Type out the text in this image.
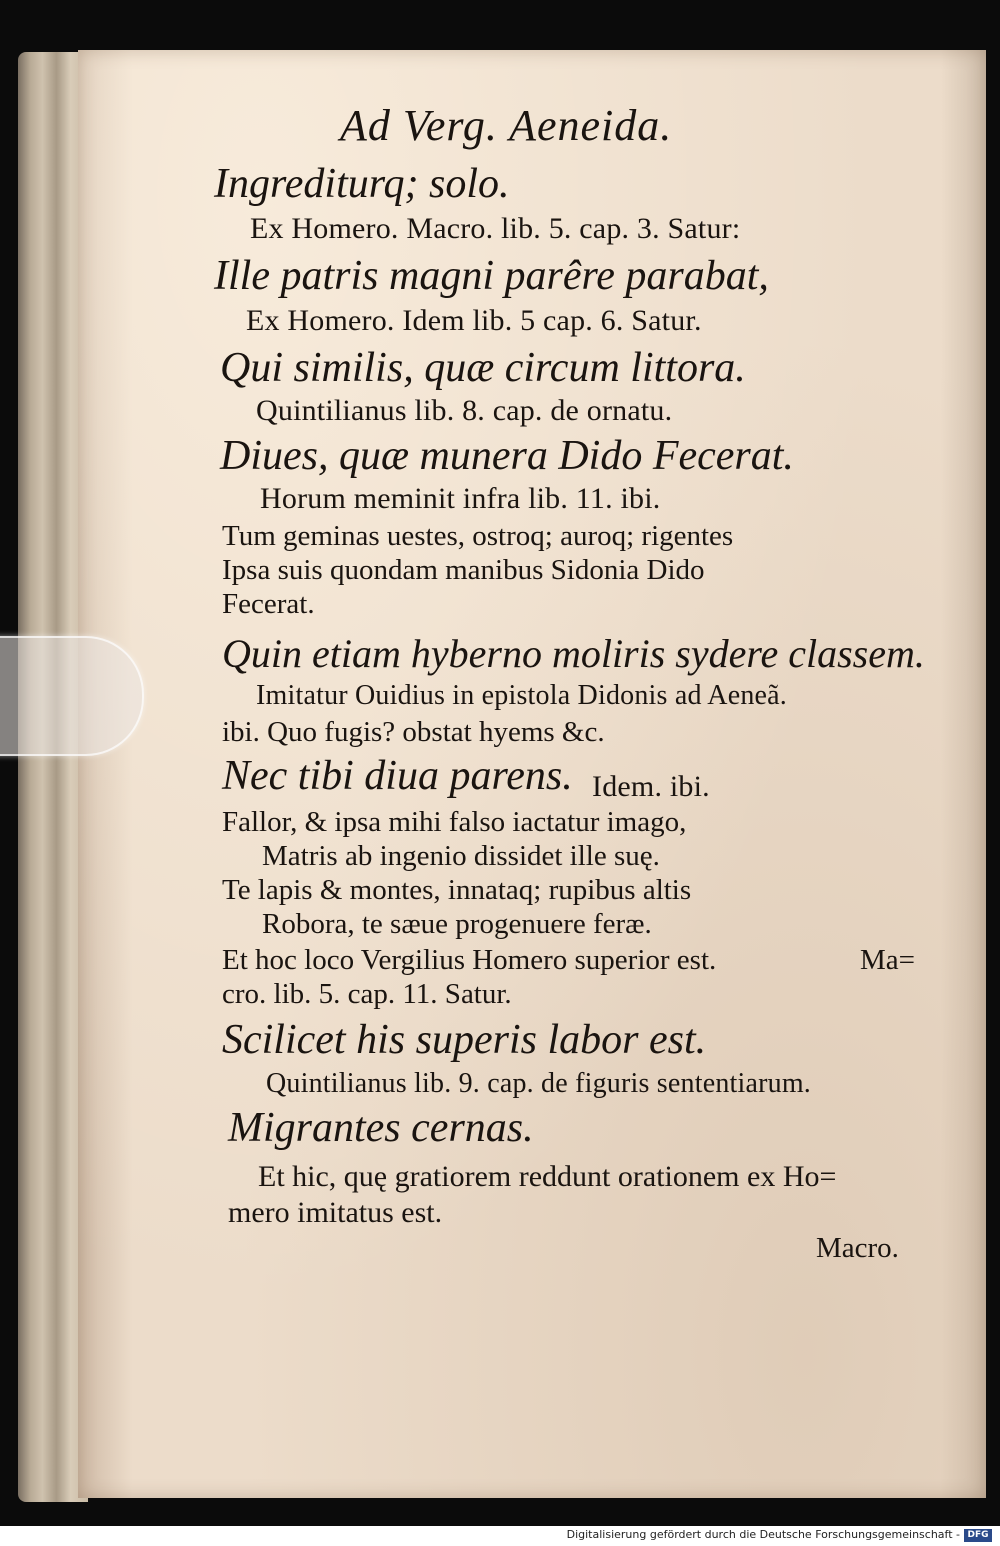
Ad Verg. Aeneida.
Ingrediturq; solo.
Ex Homero. Macro. lib. 5. cap. 3. Satur:
Ille patris magni parêre parabat,
Ex Homero. Idem lib. 5 cap. 6. Satur.
Qui similis, quæ circum littora.
Quintilianus lib. 8. cap. de ornatu.
Diues, quæ munera Dido Fecerat.
Horum meminit infra lib. 11. ibi.
Tum geminas uestes, ostroq; auroq; rigentes
Ipsa suis quondam manibus Sidonia Dido
Fecerat.
Quin etiam hyberno moliris sydere classem.
Imitatur Ouidius in epistola Didonis ad Aeneã.
ibi. Quo fugis? obstat hyems &c.
Nec tibi diua parens. Idem. ibi.
Fallor, & ipsa mihi falso iactatur imago,
Matris ab ingenio dissidet ille suę.
Te lapis & montes, innataq; rupibus altis
Robora, te sæue progenuere feræ.
Et hoc loco Vergilius Homero superior est.	Ma=
cro. lib. 5. cap. 11. Satur.
Scilicet his superis labor est.
Quintilianus lib. 9. cap. de figuris sententiarum.
Migrantes cernas.
Et hic, quę gratiorem reddunt orationem ex Ho=
mero imitatus est.
Macro.
Digitalisierung gefördert durch die Deutsche Forschungsgemeinschaft - DFG
